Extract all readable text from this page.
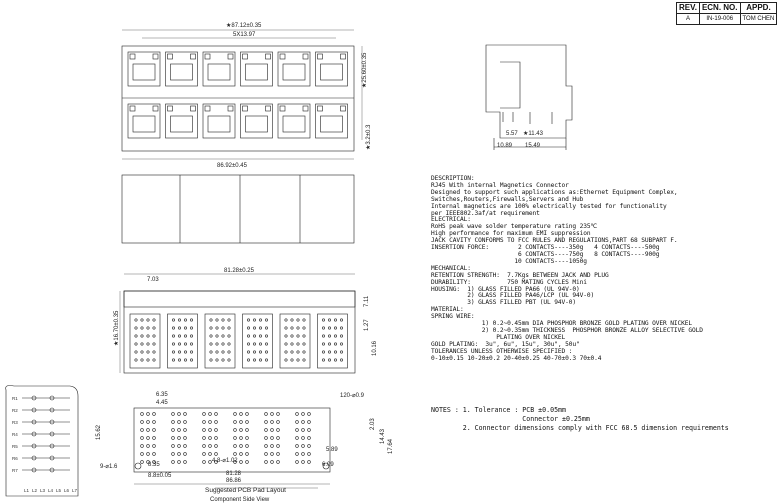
REV.	ECN. NO.	APPD.
A	IN-19-006	TOM CHEN
★87.12±0.35
5X13.97
86.92±0.45
★25.60±0.35
★3.2±0.3	15.49
10.89
5.57 ★11.43
81.28±0.25
★16.70±0.35
7.03
7.11
1.27
10.16
6.35
4.45
120-⌀0.9
15.62
8.35
8.8±0.05
9-⌀1.6
4.8-⌀1.02
81.28
86.86
5.89
6.09
14.43
17.64
2.03
Suggested PCB Pad Layout
Component Side View
R1
R2
R3
R4
R5
R6
R7
L1 L2 L3 L4 L5 L6 L7
DESCRIPTION:
RJ45 With internal Magnetics Connector
Designed to support such applications as:Ethernet Equipment Complex,
Switches,Routers,Firewalls,Servers and Hub
Internal magnetics are 100% electrically tested for functionality
per IEEE802.3af/at requirement
ELECTRICAL:
RoHS peak wave solder temperature rating 235℃
High performance for maximum EMI suppression
JACK CAVITY CONFORMS TO FCC RULES AND REGULATIONS,PART 68 SUBPART F.
INSERTION FORCE:        2 CONTACTS----350g   4 CONTACTS----500g
6 CONTACTS----750g   8 CONTACTS----900g
10 CONTACTS----1050g
MECHANICAL:
RETENTION STRENGTH:  7.7Kgs BETWEEN JACK AND PLUG
DURABILITY:          750 MATING CYCLES Mini
HOUSING:  1) GLASS FILLED PA66 (UL 94V-0)
2) GLASS FILLED PA46/LCP (UL 94V-0)
3) GLASS FILLED PBT (UL 94V-0)
MATERIAL:
SPRING WIRE:
1) 0.2~0.45mm DIA PHOSPHOR BRONZE GOLD PLATING OVER NICKEL
2) 0.2~0.35mm THICKNESS  PHOSPHOR BRONZE ALLOY SELECTIVE GOLD
PLATING OVER NICKEL
GOLD PLATING:  3u", 6u", 15u", 30u", 50u"
TOLERANCES UNLESS OTHERWISE SPECIFIED :
0-10±0.15 10-20±0.2 20-40±0.25 40-70±0.3 70±0.4
NOTES : 1. Tolerance : PCB ±0.05mm
Connector ±0.25mm
2. Connector dimensions comply with FCC 68.5 dimension requirements
